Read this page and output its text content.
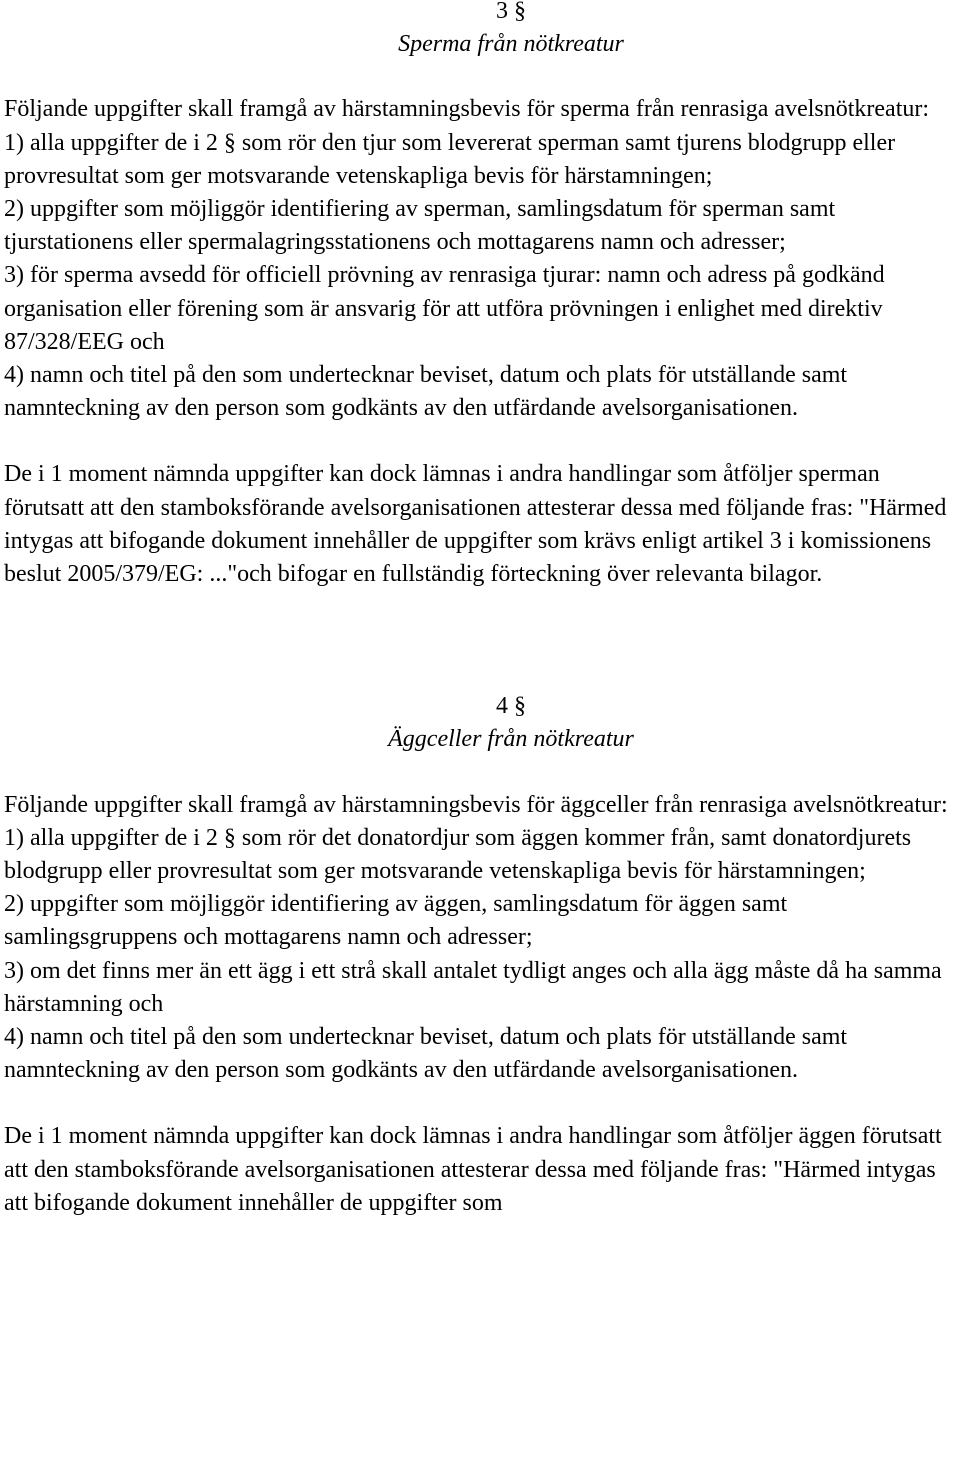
3 §
Sperma från nötkreatur
Följande uppgifter skall framgå av härstamningsbevis för sperma från renrasiga avelsnötkreatur:
1) alla uppgifter de i 2 § som rör den tjur som levererat sperman samt tjurens blodgrupp eller provresultat som ger motsvarande vetenskapliga bevis för härstamningen;
2) uppgifter som möjliggör identifiering av sperman, samlingsdatum för sperman samt tjurstationens eller spermalagringsstationens och mottagarens namn och adresser;
3) för sperma avsedd för officiell prövning av renrasiga tjurar: namn och adress på godkänd organisation eller förening som är ansvarig för att utföra prövningen i enlighet med direktiv 87/328/EEG och
4) namn och titel på den som undertecknar beviset, datum och plats för utställande samt namnteckning av den person som godkänts av den utfärdande avelsorganisationen.

De i 1 moment nämnda uppgifter kan dock lämnas i andra handlingar som åtföljer sperman förutsatt att den stamboksförande avelsorganisationen attesterar dessa med följande fras: "Härmed intygas att bifogande dokument innehåller de uppgifter som krävs enligt artikel 3 i komissionens beslut 2005/379/EG: ..."och bifogar en fullständig förteckning över relevanta bilagor.

4 §
Äggceller från nötkreatur
Följande uppgifter skall framgå av härstamningsbevis för äggceller från renrasiga avelsnötkreatur:
1) alla uppgifter de i 2 § som rör det donatordjur som äggen kommer från, samt donatordjurets blodgrupp eller provresultat som ger motsvarande vetenskapliga bevis för härstamningen;
2) uppgifter som möjliggör identifiering av äggen, samlingsdatum för äggen samt samlingsgruppens och mottagarens namn och adresser;
3) om det finns mer än ett ägg i ett strå skall antalet tydligt anges och alla ägg måste då ha samma härstamning och
4) namn och titel på den som undertecknar beviset, datum och plats för utställande samt namnteckning av den person som godkänts av den utfärdande avelsorganisationen.

De i 1 moment nämnda uppgifter kan dock lämnas i andra handlingar som åtföljer äggen förutsatt att den stamboksförande avelsorganisationen attesterar dessa med följande fras: "Härmed intygas att bifogande dokument innehåller de uppgifter som
